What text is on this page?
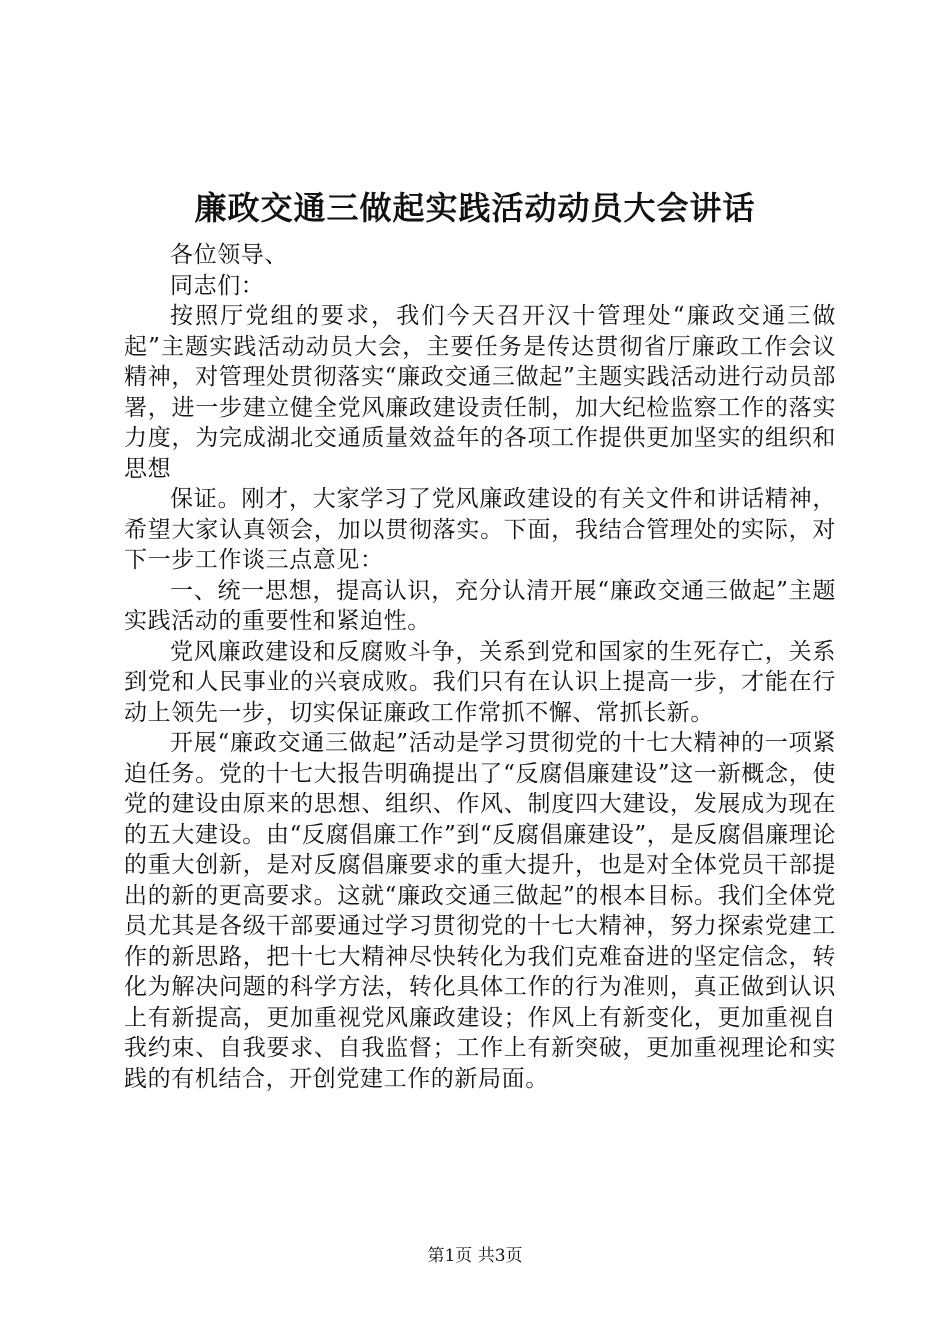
廉政交通三做起实践活动动员大会讲话

各位领导、

同志们：

按照厅党组的要求，我们今天召开汉十管理处“廉政交通三做起”主题实践活动动员大会，主要任务是传达贯彻省厅廉政工作会议精神，对管理处贯彻落实“廉政交通三做起”主题实践活动进行动员部署，进一步建立健全党风廉政建设责任制，加大纪检监察工作的落实力度，为完成湖北交通质量效益年的各项工作提供更加坚实的组织和思想

保证。刚才，大家学习了党风廉政建设的有关文件和讲话精神，希望大家认真领会，加以贯彻落实。下面，我结合管理处的实际，对下一步工作谈三点意见：

一、统一思想，提高认识，充分认清开展“廉政交通三做起”主题实践活动的重要性和紧迫性。

党风廉政建设和反腐败斗争，关系到党和国家的生死存亡，关系到党和人民事业的兴衰成败。我们只有在认识上提高一步，才能在行动上领先一步，切实保证廉政工作常抓不懈、常抓长新。

开展“廉政交通三做起”活动是学习贯彻党的十七大精神的一项紧迫任务。党的十七大报告明确提出了“反腐倡廉建设”这一新概念，使党的建设由原来的思想、组织、作风、制度四大建设，发展成为现在的五大建设。由“反腐倡廉工作”到“反腐倡廉建设”，是反腐倡廉理论的重大创新，是对反腐倡廉要求的重大提升，也是对全体党员干部提出的新的更高要求。这就“廉政交通三做起”的根本目标。我们全体党员尤其是各级干部要通过学习贯彻党的十七大精神，努力探索党建工作的新思路，把十七大精神尽快转化为我们克难奋进的坚定信念，转化为解决问题的科学方法，转化具体工作的行为准则，真正做到认识上有新提高，更加重视党风廉政建设；作风上有新变化，更加重视自我约束、自我要求、自我监督；工作上有新突破，更加重视理论和实践的有机结合，开创党建工作的新局面。

第1页 共3页
